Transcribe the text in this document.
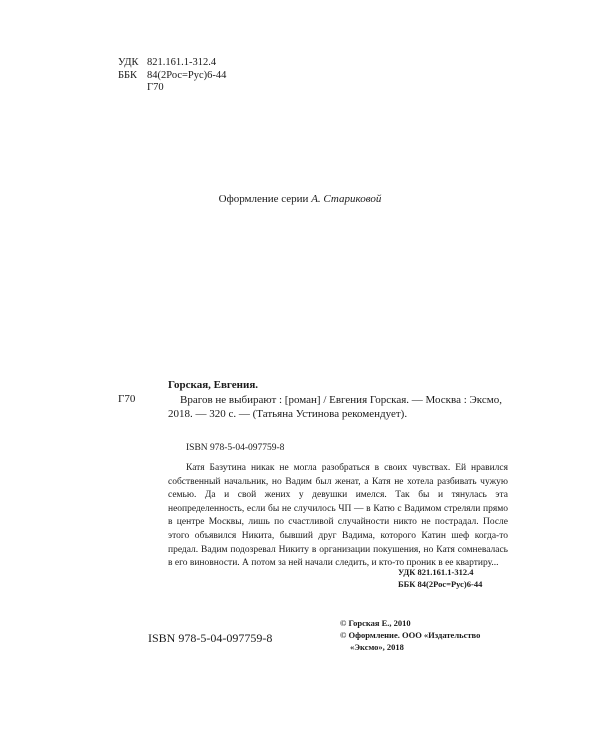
УДК 821.161.1-312.4
ББК 84(2Рос=Рус)6-44
Г70
Оформление серии А. Стариковой
Горская, Евгения.
Г70	Врагов не выбирают : [роман] / Евгения Горская. — Москва : Эксмо, 2018. — 320 с. — (Татьяна Устинова рекомендует).
ISBN 978-5-04-097759-8
Катя Базутина никак не могла разобраться в своих чувствах. Ей нравился собственный начальник, но Вадим был женат, а Катя не хотела разбивать чужую семью. Да и свой жених у девушки имелся. Так бы и тянулась эта неопределенность, если бы не случилось ЧП — в Катю с Вадимом стреляли прямо в центре Москвы, лишь по счастливой случайности никто не пострадал. После этого объявился Никита, бывший друг Вадима, которого Катин шеф когда-то предал. Вадим подозревал Никиту в организации покушения, но Катя сомневалась в его виновности. А потом за ней начали следить, и кто-то проник в ее квартиру...
УДК 821.161.1-312.4
ББК 84(2Рос=Рус)6-44
© Горская Е., 2010
© Оформление. ООО «Издательство
«Эксмо», 2018
ISBN 978-5-04-097759-8
